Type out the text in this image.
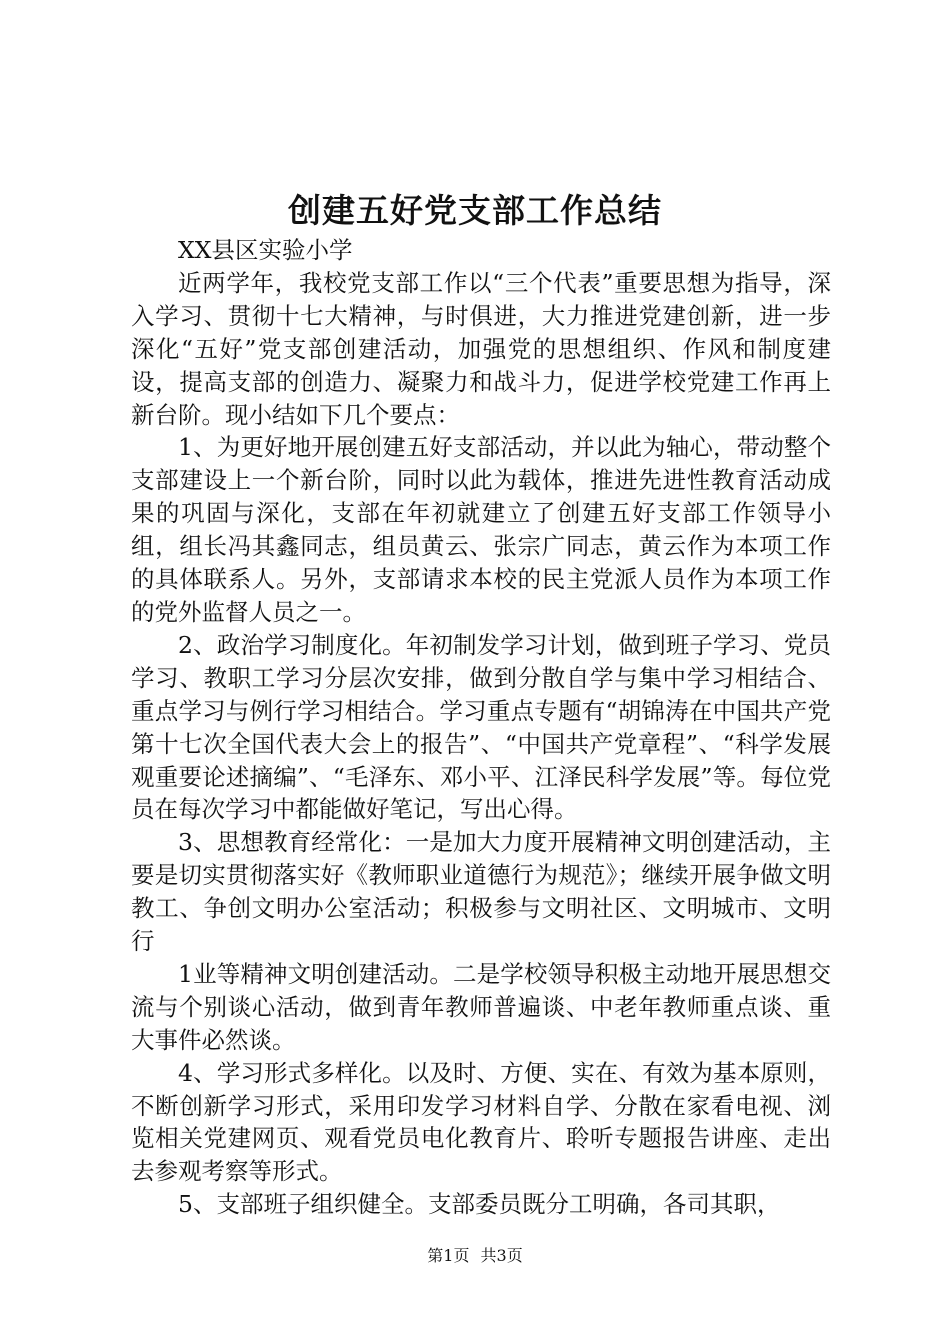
创建五好党支部工作总结

XX县区实验小学

近两学年，我校党支部工作以“三个代表”重要思想为指导，深入学习、贯彻十七大精神，与时俱进，大力推进党建创新，进一步深化“五好”党支部创建活动，加强党的思想组织、作风和制度建设，提高支部的创造力、凝聚力和战斗力，促进学校党建工作再上新台阶。现小结如下几个要点：

1、为更好地开展创建五好支部活动，并以此为轴心，带动整个支部建设上一个新台阶，同时以此为载体，推进先进性教育活动成果的巩固与深化，支部在年初就建立了创建五好支部工作领导小组，组长冯其鑫同志，组员黄云、张宗广同志，黄云作为本项工作的具体联系人。另外，支部请求本校的民主党派人员作为本项工作的党外监督人员之一。

2、政治学习制度化。年初制发学习计划，做到班子学习、党员学习、教职工学习分层次安排，做到分散自学与集中学习相结合、重点学习与例行学习相结合。学习重点专题有“胡锦涛在中国共产党第十七次全国代表大会上的报告”、“中国共产党章程”、“科学发展观重要论述摘编”、“毛泽东、邓小平、江泽民科学发展”等。每位党员在每次学习中都能做好笔记，写出心得。

3、思想教育经常化：一是加大力度开展精神文明创建活动，主要是切实贯彻落实好《教师职业道德行为规范》；继续开展争做文明教工、争创文明办公室活动；积极参与文明社区、文明城市、文明行

1业等精神文明创建活动。二是学校领导积极主动地开展思想交流与个别谈心活动，做到青年教师普遍谈、中老年教师重点谈、重大事件必然谈。

4、学习形式多样化。以及时、方便、实在、有效为基本原则，不断创新学习形式，采用印发学习材料自学、分散在家看电视、浏览相关党建网页、观看党员电化教育片、聆听专题报告讲座、走出去参观考察等形式。

5、支部班子组织健全。支部委员既分工明确，各司其职，

第1页 共3页
